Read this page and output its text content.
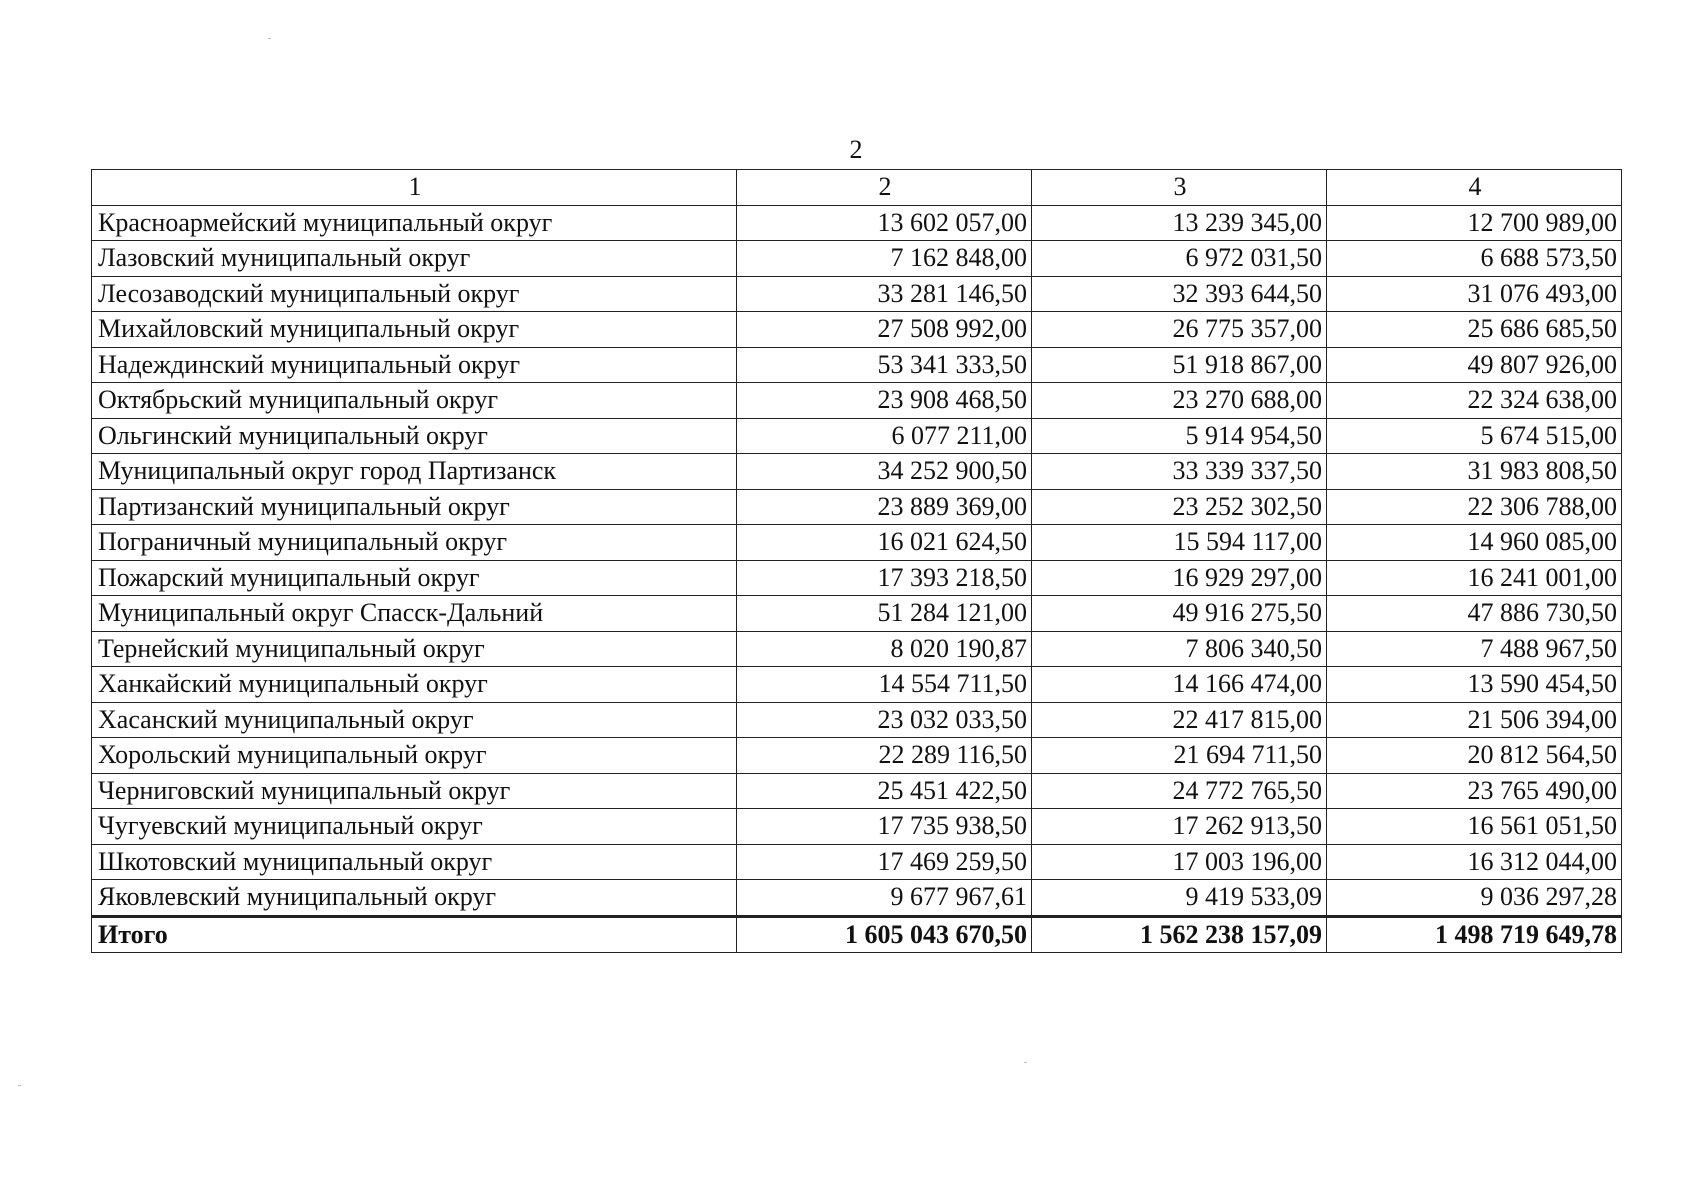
2
1	2	3	4
Красноармейский муниципальный округ	13 602 057,00	13 239 345,00	12 700 989,00
Лазовский муниципальный округ	7 162 848,00	6 972 031,50	6 688 573,50
Лесозаводский муниципальный округ	33 281 146,50	32 393 644,50	31 076 493,00
Михайловский муниципальный округ	27 508 992,00	26 775 357,00	25 686 685,50
Надеждинский муниципальный округ	53 341 333,50	51 918 867,00	49 807 926,00
Октябрьский муниципальный округ	23 908 468,50	23 270 688,00	22 324 638,00
Ольгинский муниципальный округ	6 077 211,00	5 914 954,50	5 674 515,00
Муниципальный округ город Партизанск	34 252 900,50	33 339 337,50	31 983 808,50
Партизанский муниципальный округ	23 889 369,00	23 252 302,50	22 306 788,00
Пограничный муниципальный округ	16 021 624,50	15 594 117,00	14 960 085,00
Пожарский муниципальный округ	17 393 218,50	16 929 297,00	16 241 001,00
Муниципальный округ Спасск-Дальний	51 284 121,00	49 916 275,50	47 886 730,50
Тернейский муниципальный округ	8 020 190,87	7 806 340,50	7 488 967,50
Ханкайский муниципальный округ	14 554 711,50	14 166 474,00	13 590 454,50
Хасанский муниципальный округ	23 032 033,50	22 417 815,00	21 506 394,00
Хорольский муниципальный округ	22 289 116,50	21 694 711,50	20 812 564,50
Черниговский муниципальный округ	25 451 422,50	24 772 765,50	23 765 490,00
Чугуевский муниципальный округ	17 735 938,50	17 262 913,50	16 561 051,50
Шкотовский муниципальный округ	17 469 259,50	17 003 196,00	16 312 044,00
Яковлевский муниципальный округ	9 677 967,61	9 419 533,09	9 036 297,28
Итого	1 605 043 670,50	1 562 238 157,09	1 498 719 649,78
